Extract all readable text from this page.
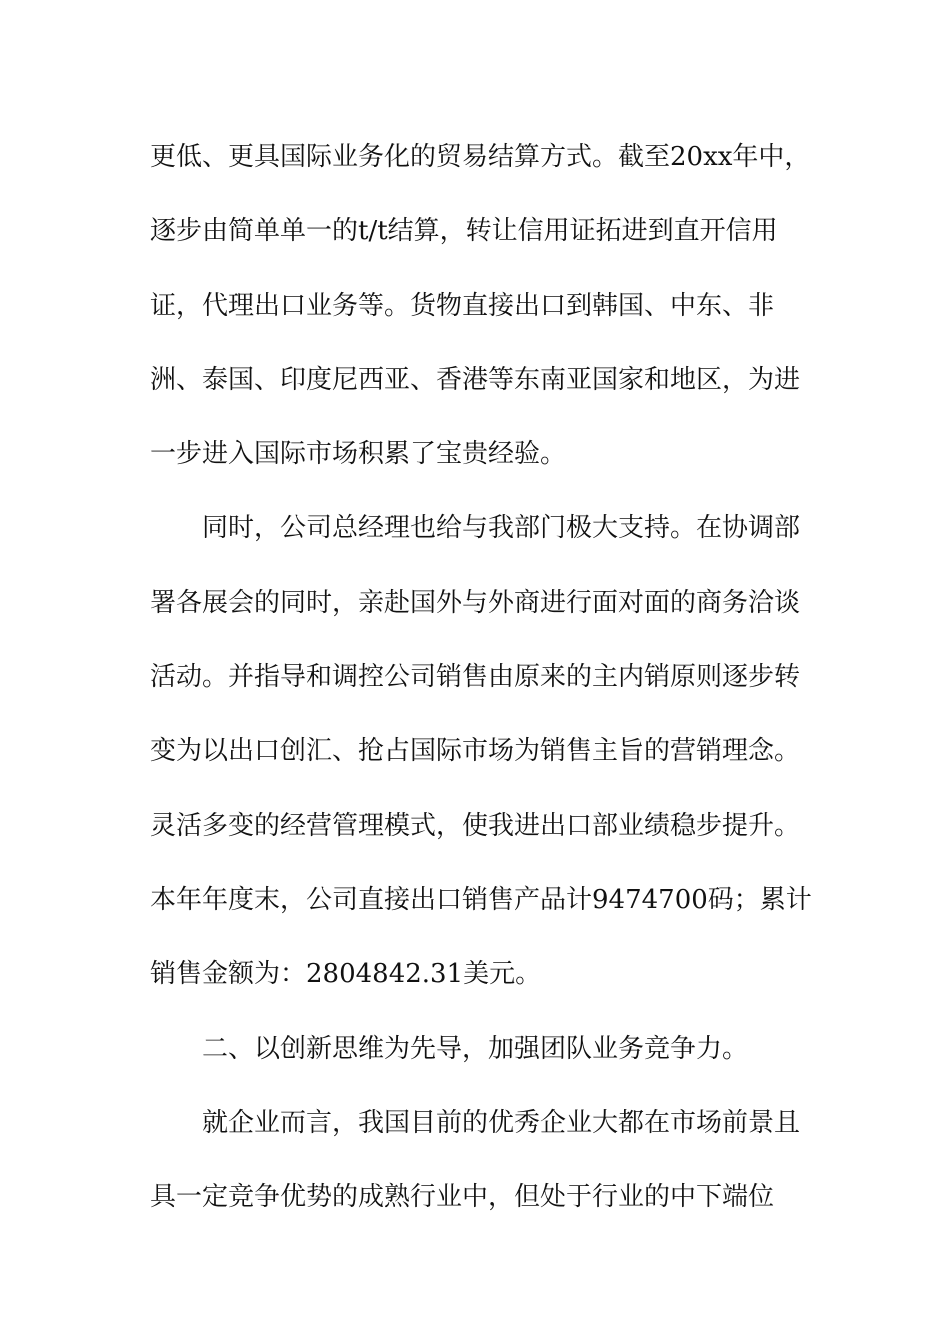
更低、更具国际业务化的贸易结算方式。截至20xx年中，
逐步由简单单一的t/t结算，转让信用证拓进到直开信用
证，代理出口业务等。货物直接出口到韩国、中东、非
洲、泰国、印度尼西亚、香港等东南亚国家和地区，为进
一步进入国际市场积累了宝贵经验。
同时，公司总经理也给与我部门极大支持。在协调部
署各展会的同时，亲赴国外与外商进行面对面的商务洽谈
活动。并指导和调控公司销售由原来的主内销原则逐步转
变为以出口创汇、抢占国际市场为销售主旨的营销理念。
灵活多变的经营管理模式，使我进出口部业绩稳步提升。
本年年度末，公司直接出口销售产品计9474700码；累计
销售金额为：2804842.31美元。
二、以创新思维为先导，加强团队业务竞争力。
就企业而言，我国目前的优秀企业大都在市场前景且
具一定竞争优势的成熟行业中，但处于行业的中下端位
